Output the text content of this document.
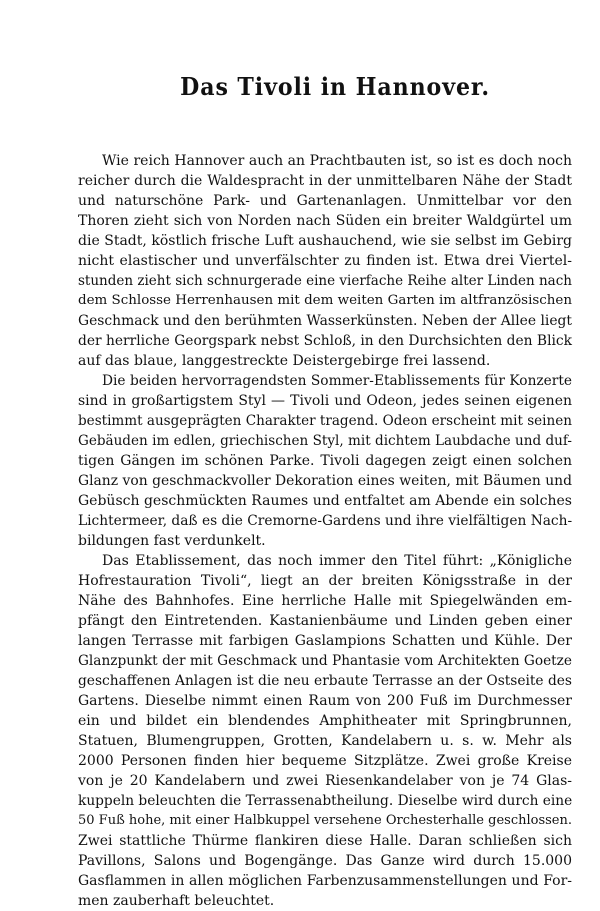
Das Tivoli in Hannover.
Wie reich Hannover auch an Prachtbauten ist, so ist es doch noch
reicher durch die Waldespracht in der unmittelbaren Nähe der Stadt
und naturschöne Park- und Gartenanlagen. Unmittelbar vor den
Thoren zieht sich von Norden nach Süden ein breiter Waldgürtel um
die Stadt, köstlich frische Luft aushauchend, wie sie selbst im Gebirg
nicht elastischer und unverfälschter zu finden ist. Etwa drei Viertel-
stunden zieht sich schnurgerade eine vierfache Reihe alter Linden nach
dem Schlosse Herrenhausen mit dem weiten Garten im altfranzösischen
Geschmack und den berühmten Wasserkünsten. Neben der Allee liegt
der herrliche Georgspark nebst Schloß, in den Durchsichten den Blick
auf das blaue, langgestreckte Deistergebirge frei lassend.
Die beiden hervorragendsten Sommer-Etablissements für Konzerte
sind in großartigstem Styl — Tivoli und Odeon, jedes seinen eigenen
bestimmt ausgeprägten Charakter tragend. Odeon erscheint mit seinen
Gebäuden im edlen, griechischen Styl, mit dichtem Laubdache und duf-
tigen Gängen im schönen Parke. Tivoli dagegen zeigt einen solchen
Glanz von geschmackvoller Dekoration eines weiten, mit Bäumen und
Gebüsch geschmückten Raumes und entfaltet am Abende ein solches
Lichtermeer, daß es die Cremorne-Gardens und ihre vielfältigen Nach-
bildungen fast verdunkelt.
Das Etablissement, das noch immer den Titel führt: „Königliche
Hofrestauration Tivoli“, liegt an der breiten Königsstraße in der
Nähe des Bahnhofes. Eine herrliche Halle mit Spiegelwänden em-
pfängt den Eintretenden. Kastanienbäume und Linden geben einer
langen Terrasse mit farbigen Gaslampions Schatten und Kühle. Der
Glanzpunkt der mit Geschmack und Phantasie vom Architekten Goetze
geschaffenen Anlagen ist die neu erbaute Terrasse an der Ostseite des
Gartens. Dieselbe nimmt einen Raum von 200 Fuß im Durchmesser
ein und bildet ein blendendes Amphitheater mit Springbrunnen,
Statuen, Blumengruppen, Grotten, Kandelabern u. s. w. Mehr als
2000 Personen finden hier bequeme Sitzplätze. Zwei große Kreise
von je 20 Kandelabern und zwei Riesenkandelaber von je 74 Glas-
kuppeln beleuchten die Terrassenabtheilung. Dieselbe wird durch eine
50 Fuß hohe, mit einer Halbkuppel versehene Orchesterhalle geschlossen.
Zwei stattliche Thürme flankiren diese Halle. Daran schließen sich
Pavillons, Salons und Bogengänge. Das Ganze wird durch 15.000
Gasflammen in allen möglichen Farbenzusammenstellungen und For-
men zauberhaft beleuchtet.
